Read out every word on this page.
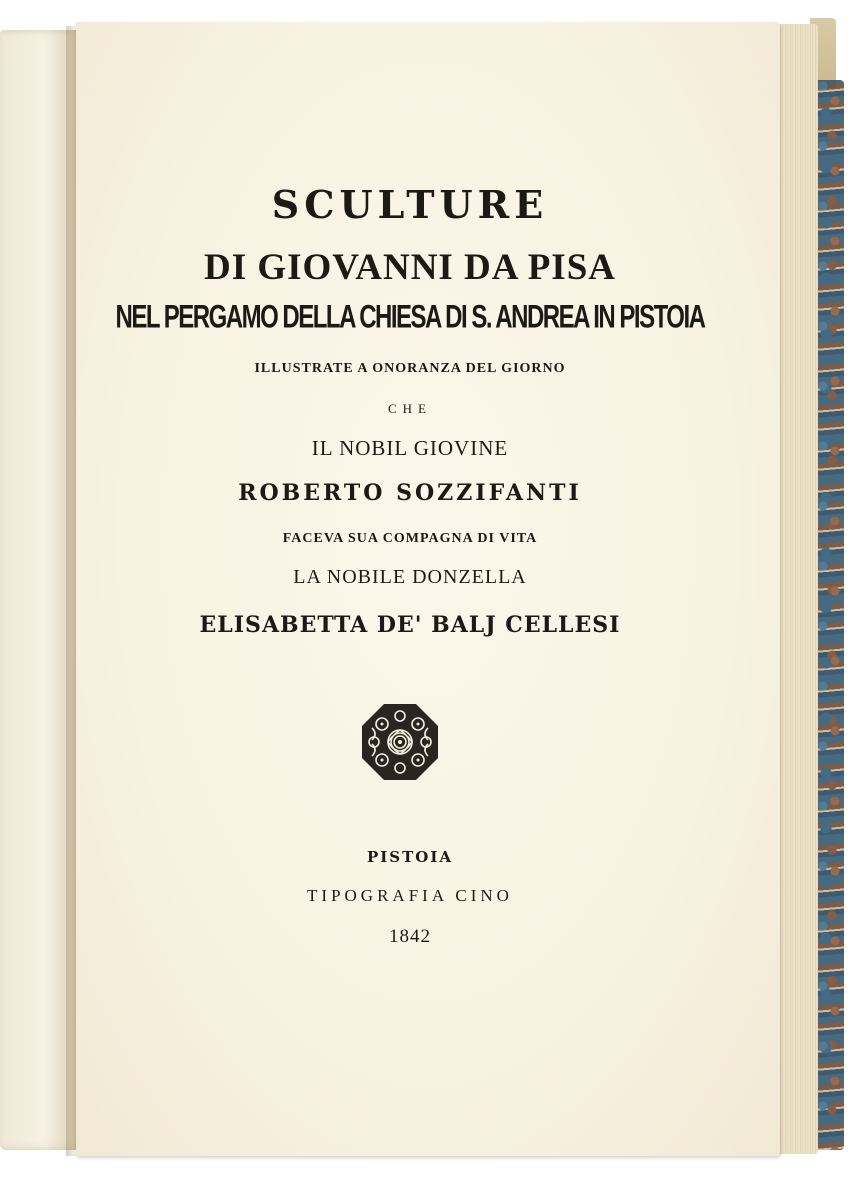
SCULTURE
DI GIOVANNI DA PISA
NEL PERGAMO DELLA CHIESA DI S. ANDREA IN PISTOIA
ILLUSTRATE A ONORANZA DEL GIORNO
CHE
IL NOBIL GIOVINE
ROBERTO SOZZIFANTI
FACEVA SUA COMPAGNA DI VITA
LA NOBILE DONZELLA
ELISABETTA DE' BALJ CELLESI
PISTOIA
TIPOGRAFIA CINO
1842
